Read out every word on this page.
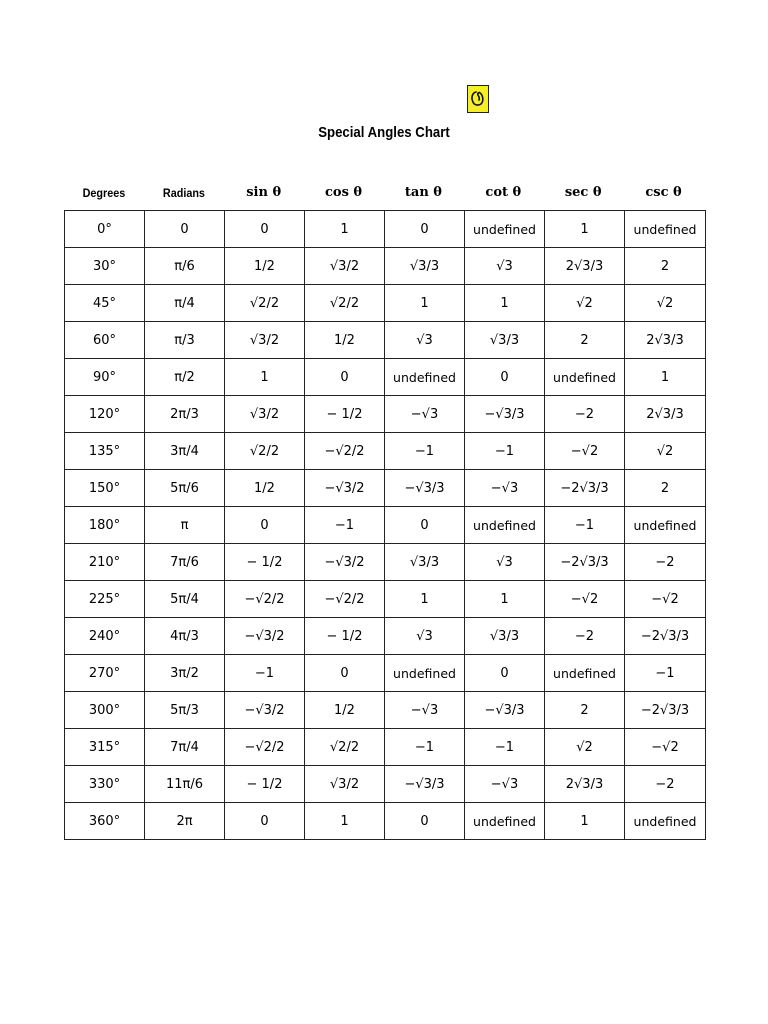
Special Angles Chart
Degrees	Radians	sin θ	cos θ	tan θ	cot θ	sec θ	csc θ
0°	0	0	1	0	undefined	1	undefined
30°	π/6	1/2	√3/2	√3/3	√3	2√3/3	2
45°	π/4	√2/2	√2/2	1	1	√2	√2
60°	π/3	√3/2	1/2	√3	√3/3	2	2√3/3
90°	π/2	1	0	undefined	0	undefined	1
120°	2π/3	√3/2	− 1/2	−√3	−√3/3	−2	2√3/3
135°	3π/4	√2/2	−√2/2	−1	−1	−√2	√2
150°	5π/6	1/2	−√3/2	−√3/3	−√3	−2√3/3	2
180°	π	0	−1	0	undefined	−1	undefined
210°	7π/6	− 1/2	−√3/2	√3/3	√3	−2√3/3	−2
225°	5π/4	−√2/2	−√2/2	1	1	−√2	−√2
240°	4π/3	−√3/2	− 1/2	√3	√3/3	−2	−2√3/3
270°	3π/2	−1	0	undefined	0	undefined	−1
300°	5π/3	−√3/2	1/2	−√3	−√3/3	2	−2√3/3
315°	7π/4	−√2/2	√2/2	−1	−1	√2	−√2
330°	11π/6	− 1/2	√3/2	−√3/3	−√3	2√3/3	−2
360°	2π	0	1	0	undefined	1	undefined
